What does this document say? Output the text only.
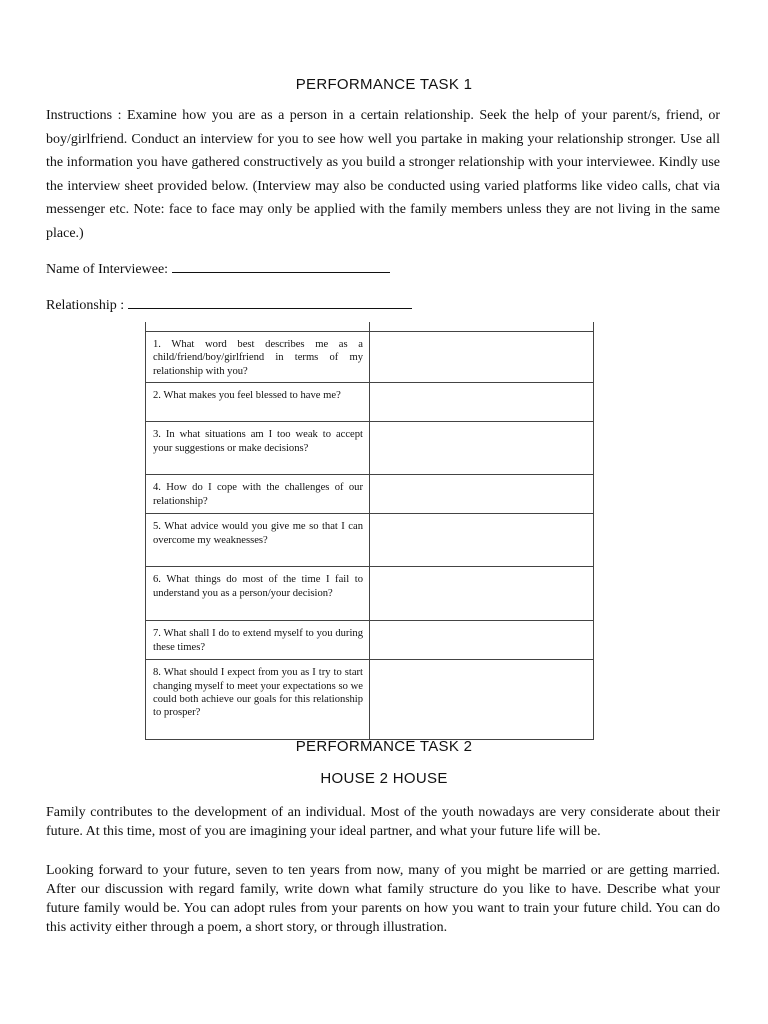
PERFORMANCE TASK 1
Instructions : Examine how you are as a person in a certain relationship. Seek the help of your parent/s, friend, or boy/girlfriend. Conduct an interview for you to see how well you partake in making your relationship stronger. Use all the information you have gathered constructively as you build a stronger relationship with your interviewee. Kindly use the interview sheet provided below. (Interview may also be conducted using varied platforms like video calls, chat via messenger etc. Note: face to face may only be applied with the family members unless they are not living in the same place.)
Name of Interviewee:
Relationship :

1. What word best describes me as a child/friend/boy/girlfriend in terms of my relationship with you?	
2. What makes you feel blessed to have me?	
3. In what situations am I too weak to accept your suggestions or make decisions?	
4. How do I cope with the challenges of our relationship?	
5. What advice would you give me so that I can overcome my weaknesses?	
6. What things do most of the time I fail to understand you as a person/your decision?	
7. What shall I do to extend myself to you during these times?	
8. What should I expect from you as I try to start changing myself to meet your expectations so we could both achieve our goals for this relationship to prosper?	
PERFORMANCE TASK 2
HOUSE 2 HOUSE
Family contributes to the development of an individual. Most of the youth nowadays are very considerate about their future. At this time, most of you are imagining your ideal partner, and what your future life will be.
Looking forward to your future, seven to ten years from now, many of you might be married or are getting married. After our discussion with regard family, write down what family structure do you like to have. Describe what your future family would be. You can adopt rules from your parents on how you want to train your future child. You can do this activity either through a poem, a short story, or through illustration.
